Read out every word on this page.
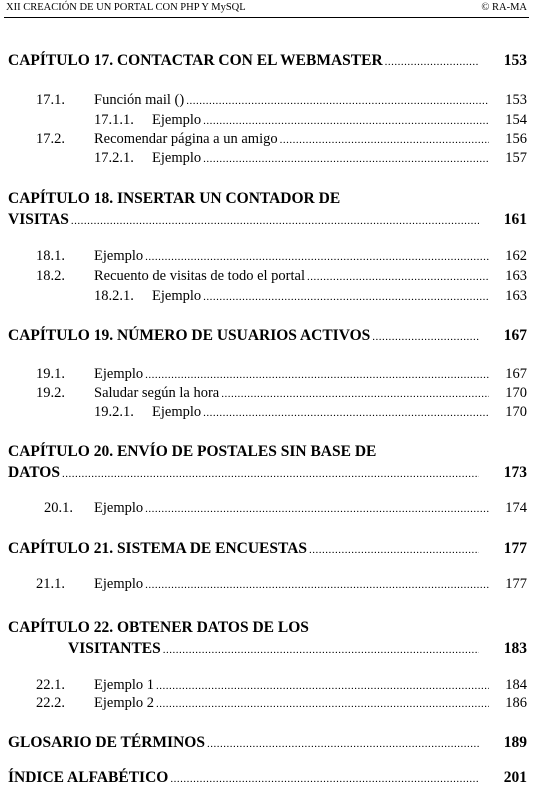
XII CREACIÓN DE UN PORTAL CON PHP Y MySQL	© RA-MA
CAPÍTULO 17. CONTACTAR CON EL WEBMASTER .....	153
17.1.	Función mail () .....	153
17.1.1.	Ejemplo .....	154
17.2.	Recomendar página a un amigo .....	156
17.2.1.	Ejemplo .....	157
CAPÍTULO 18. INSERTAR UN CONTADOR DE
VISITAS .....	161
18.1.	Ejemplo .....	162
18.2.	Recuento de visitas de todo el portal .....	163
18.2.1.	Ejemplo .....	163
CAPÍTULO 19. NÚMERO DE USUARIOS ACTIVOS .....	167
19.1.	Ejemplo .....	167
19.2.	Saludar según la hora .....	170
19.2.1.	Ejemplo .....	170
CAPÍTULO 20. ENVÍO DE POSTALES SIN BASE DE
DATOS .....	173
20.1.	Ejemplo .....	174
CAPÍTULO 21. SISTEMA DE ENCUESTAS .....	177
21.1.	Ejemplo .....	177
CAPÍTULO 22. OBTENER DATOS DE LOS
VISITANTES .....	183
22.1.	Ejemplo 1 .....	184
22.2.	Ejemplo 2 .....	186
GLOSARIO DE TÉRMINOS .....	189
ÍNDICE ALFABÉTICO .....	201
